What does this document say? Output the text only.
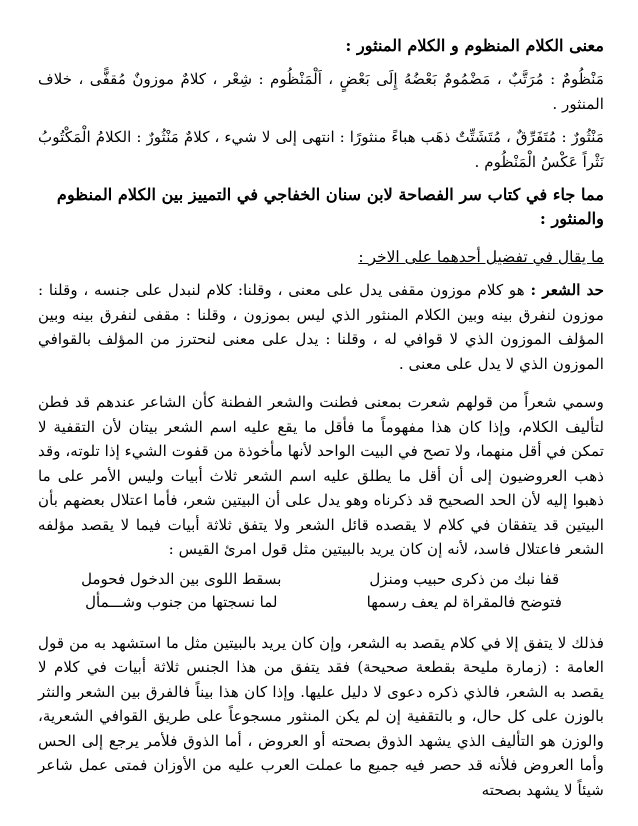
معنى الكلام المنظوم و الكلام المنثور :

مَنْظُومٌ : مُرَتَّبٌ ، مَضْمُومٌ بَعْضُهُ إِلَى بَعْضٍ ، اَلْمَنْظُوم : شِعْر ، كلامٌ موزونٌ مُقفًّى ، خلاف المنثور .

مَنْثُورٌ : مُتَفَرِّقٌ ، مُتَشَتِّتٌ ذهَب هباءً منثورًا : انتهى إلى لا شيء ، كلامٌ مَنْثُورٌ : الكلامُ الْمَكْتُوبُ نَثْراً عَكْسُ الْمَنْظُوم .

مما جاء في كتاب سر الفصاحة لابن سنان الخفاجي في التمييز بين الكلام المنظوم والمنثور :

ما يقال في تفضيل أحدهما على الاخر :

حد الشعر : هو كلام موزون مقفى يدل على معنى ، وقلنا: كلام لنبدل على جنسه ، وقلنا : موزون لنفرق بينه وبين الكلام المنثور الذي ليس بموزون ، وقلنا : مقفى لنفرق بينه وبين المؤلف الموزون الذي لا قوافي له ، وقلنا : يدل على معنى لنحترز من المؤلف بالقوافي الموزون الذي لا يدل على معنى .

وسمي شعراً من قولهم شعرت بمعنى فطنت والشعر الفطنة كأن الشاعر عندهم قد فطن لتأليف الكلام، وإذا كان هذا مفهوماً ما فأقل ما يقع عليه اسم الشعر بيتان لأن التقفية لا تمكن في أقل منهما، ولا تصح في البيت الواحد لأنها مأخوذة من قفوت الشيء إذا تلوته، وقد ذهب العروضيون إلى أن أقل ما يطلق عليه اسم الشعر ثلاث أبيات وليس الأمر على ما ذهبوا إليه لأن الحد الصحيح قد ذكرناه وهو يدل على أن البيتين شعر، فأما اعتلال بعضهم بأن البيتين قد يتفقان في كلام لا يقصده قائل الشعر ولا يتفق ثلاثة أبيات فيما لا يقصد مؤلفه الشعر فاعتلال فاسد، لأنه إن كان يريد بالبيتين مثل قول امرئ القيس :

قفا نبك من ذكرى حبيب ومنزل	بسقط اللوى بين الدخول فحومل
فتوضح فالمقراة لم يعف رسمها	لما نسجتها من جنوب وشـــمأل

فذلك لا يتفق إلا في كلام يقصد به الشعر، وإن كان يريد بالبيتين مثل ما استشهد به من قول العامة : (زمارة مليحة بقطعة صحيحة) فقد يتفق من هذا الجنس ثلاثة أبيات في كلام لا يقصد به الشعر، فالذي ذكره دعوى لا دليل عليها. وإذا كان هذا بيناً فالفرق بين الشعر والنثر بالوزن على كل حال، و بالتقفية إن لم يكن المنثور مسجوعاً على طريق القوافي الشعرية، والوزن هو التأليف الذي يشهد الذوق بصحته أو العروض ، أما الذوق فلأمر يرجع إلى الحس وأما العروض فلأنه قد حصر فيه جميع ما عملت العرب عليه من الأوزان فمتى عمل شاعر شيئاً لا يشهد بصحته
